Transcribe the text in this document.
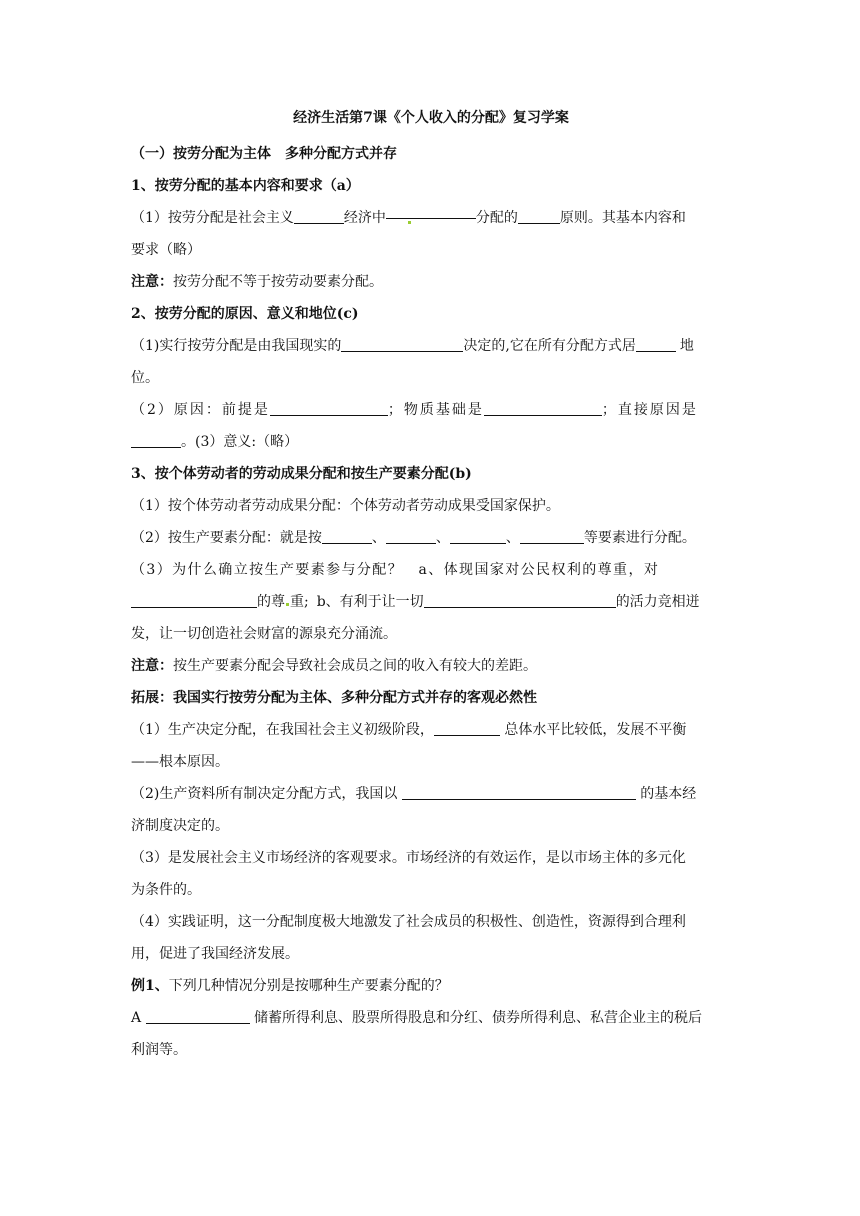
经济生活第7课《个人收入的分配》复习学案
（一）按劳分配为主体　多种分配方式并存
1、按劳分配的基本内容和要求（a）
（1）按劳分配是社会主义	经济中	分配的	原则。其基本内容和
要求（略）
注意：按劳分配不等于按劳动要素分配。
2、按劳分配的原因、意义和地位(c)
（1)实行按劳分配是由我国现实的	决定的,它在所有分配方式居	地
位。
（2）原因：前提是	；物质基础是	；直接原因是
。(3）意义:（略）
3、按个体劳动者的劳动成果分配和按生产要素分配(b)
（1）按个体劳动者劳动成果分配：个体劳动者劳动成果受国家保护。
（2）按生产要素分配：就是按	、	、	、	等要素进行分配。
（3）为什么确立按生产要素参与分配？　a、体现国家对公民权利的尊重，对
的尊 重; b、有利于让一切	的活力竞相迸
发，让一切创造社会财富的源泉充分涌流。
注意：按生产要素分配会导致社会成员之间的收入有较大的差距。
拓展：我国实行按劳分配为主体、多种分配方式并存的客观必然性
（1）生产决定分配，在我国社会主义初级阶段，	总体水平比较低，发展不平衡
——根本原因。
（2)生产资料所有制决定分配方式，我国以	的基本经
济制度决定的。
（3）是发展社会主义市场经济的客观要求。市场经济的有效运作，是以市场主体的多元化
为条件的。
（4）实践证明，这一分配制度极大地激发了社会成员的积极性、创造性，资源得到合理利
用，促进了我国经济发展。
例1、下列几种情况分别是按哪种生产要素分配的？
A	储蓄所得利息、股票所得股息和分红、债券所得利息、私营企业主的税后
利润等。
